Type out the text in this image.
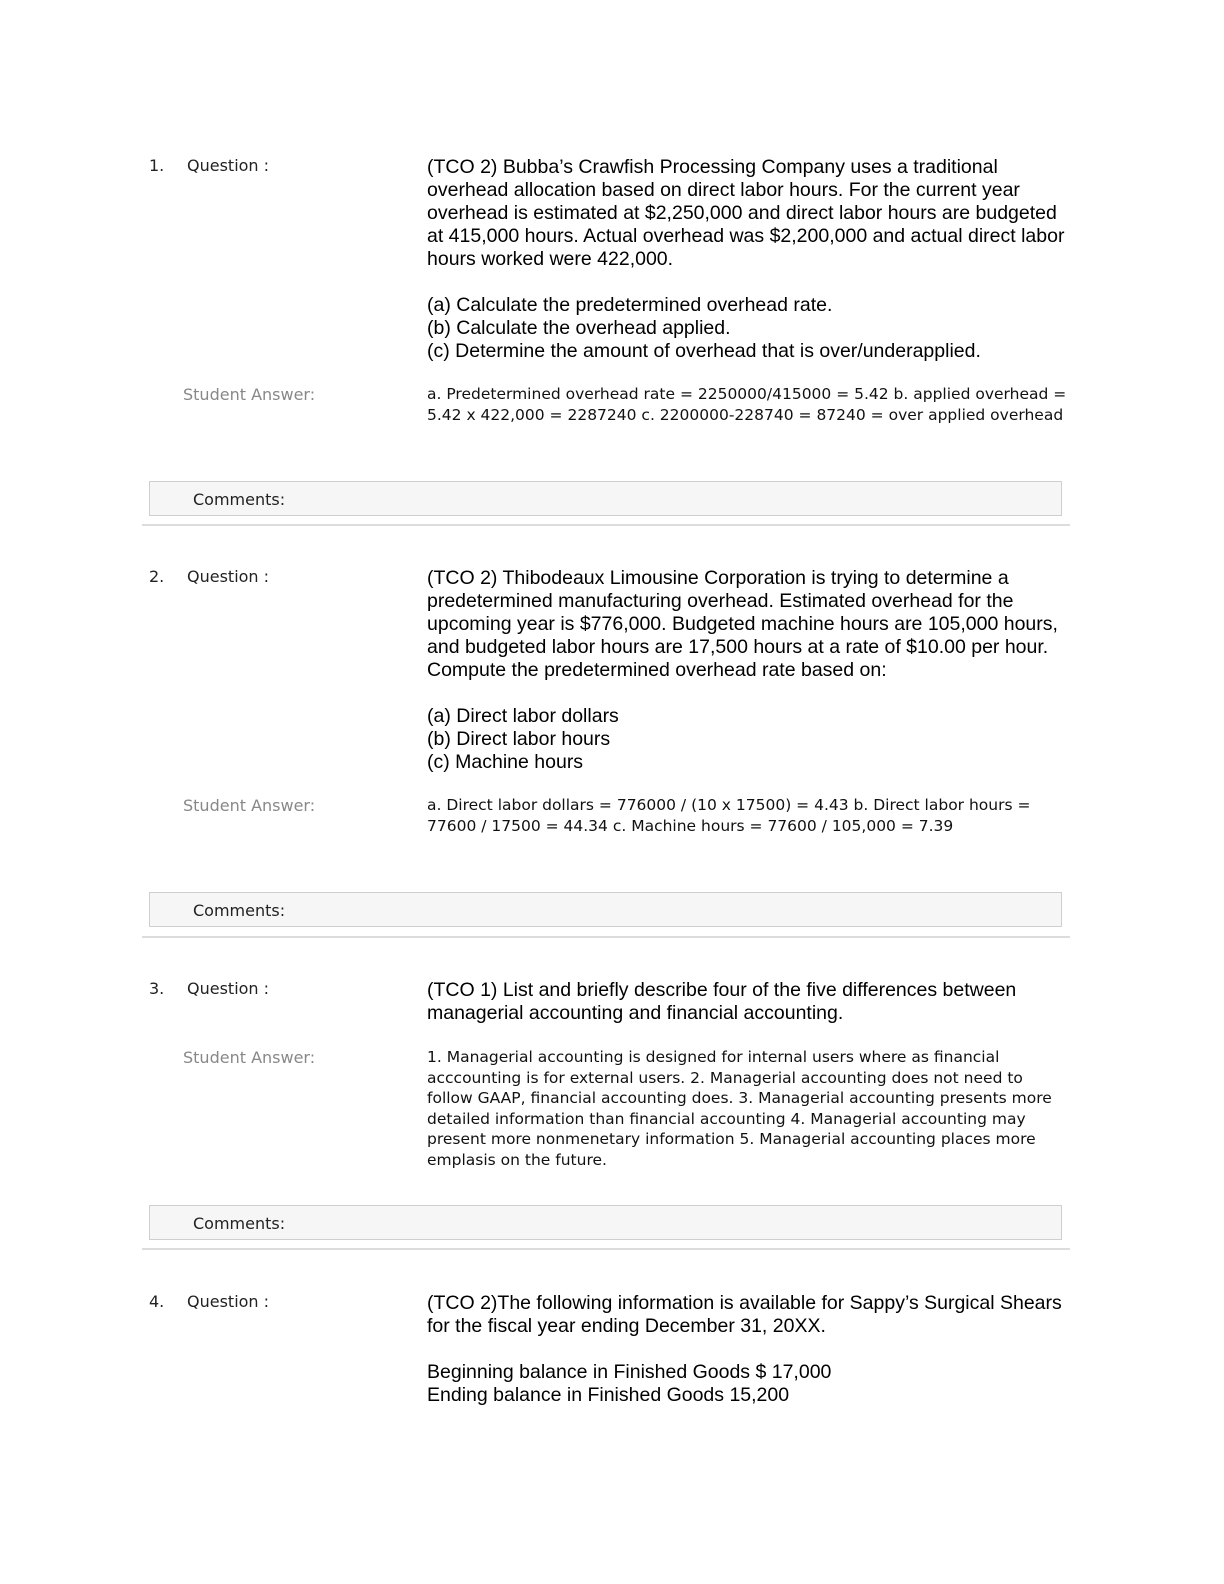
1. Question :	(TCO 2) Bubba’s Crawfish Processing Company uses a traditional overhead allocation based on direct labor hours. For the current year overhead is estimated at $2,250,000 and direct labor hours are budgeted at 415,000 hours. Actual overhead was $2,200,000 and actual direct labor hours worked were 422,000.

(a) Calculate the predetermined overhead rate.
(b) Calculate the overhead applied.
(c) Determine the amount of overhead that is over/underapplied.

Student Answer:	a. Predetermined overhead rate = 2250000/415000 = 5.42 b. applied overhead = 5.42 x 422,000 = 2287240 c. 2200000-228740 = 87240 = over applied overhead
Comments:
2. Question :	(TCO 2) Thibodeaux Limousine Corporation is trying to determine a predetermined manufacturing overhead. Estimated overhead for the upcoming year is $776,000. Budgeted machine hours are 105,000 hours, and budgeted labor hours are 17,500 hours at a rate of $10.00 per hour. Compute the predetermined overhead rate based on:

(a) Direct labor dollars
(b) Direct labor hours
(c) Machine hours

Student Answer:	a. Direct labor dollars = 776000 / (10 x 17500) = 4.43 b. Direct labor hours = 77600 / 17500 = 44.34 c. Machine hours = 77600 / 105,000 = 7.39
Comments:
3. Question :	(TCO 1) List and briefly describe four of the five differences between managerial accounting and financial accounting.

Student Answer:	1. Managerial accounting is designed for internal users where as financial acccounting is for external users. 2. Managerial accounting does not need to follow GAAP, financial accounting does. 3. Managerial accounting presents more detailed information than financial accounting 4. Managerial accounting may present more nonmenetary information 5. Managerial accounting places more emplasis on the future.
Comments:
4. Question :	(TCO 2)The following information is available for Sappy’s Surgical Shears for the fiscal year ending December 31, 20XX.

Beginning balance in Finished Goods $ 17,000
Ending balance in Finished Goods 15,200
